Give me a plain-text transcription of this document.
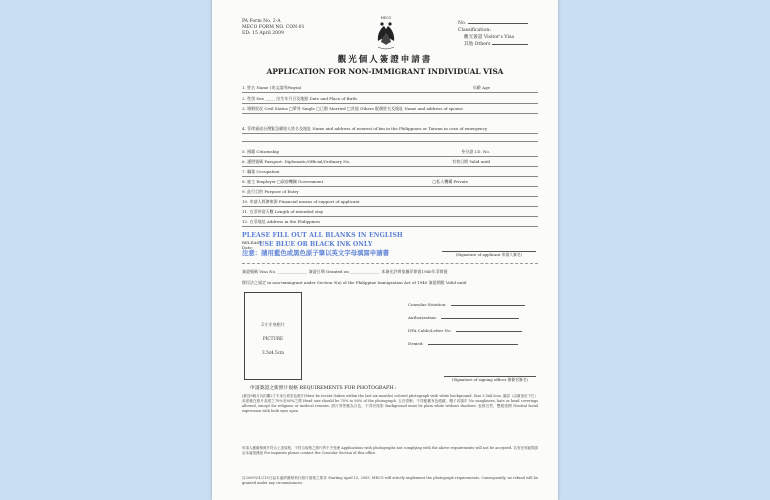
PA Form No. 2-A
MECO FORM NO. CON-01
ED: 15 April 2009
MECO
No.
Classification:
觀光簽證 Visitor's Visa
其他 Others
觀光個人簽證申請書
APPLICATION FOR NON-IMMIGRANT INDIVIDUAL VISA
1. 姓名 Name (英文請用Pinyin)	年齡 Age
2. 性別 Sex _____ 出生年月日及地點 Date and Place of Birth
3. 婚姻狀況 Civil Status □單身 Single □已婚 Married □其他 Others 配偶姓名及地址 Name and address of spouse
4. 菲律賓或台灣緊急聯絡人姓名及地址 Name and address of nearest of kin in the Philippines or Taiwan in case of emergency
5. 國籍 Citizenship	身分證 I.D. No.
6. 護照號碼 Passport: Diplomatic/Official/Ordinary No.	有效日期 Valid until
7. 職業 Occupation
8. 雇主 Employer □政府機關 Government	□私人機構 Private
9. 此行目的 Purpose of Entry
10. 申請人經濟來源 Financial means of support of applicant
11. 在菲停留天數 Length of intended stay
12. 在菲地址 Address in the Philippines
PLEASE FILL OUT ALL BLANKS IN ENGLISH
RELEASE:
Date: USE BLUE OR BLACK INK ONLY
注意：請用藍色或黑色原子筆以英文字母填寫申請書	(Signature of applicant 申請人簽名)
簽證號碼 Visa No. _______________ 簽證日期 Granted on _______________ 本簽光許辨依據菲律賓1940年菲律賓
移民法之規定 in non-immigrant under Section 9(a) of the Philippine Immigration Act of 1940 簽證期限 Valid until
2寸半身相片
PICTURE
3.5x4.5cm
Consular Notation:
Authorization:
DFA Cable/Letter No.
Denied:
(Signature of signing officer 簽簽官簽名)
申請簽證之新照片規格 REQUIREMENTS FOR PHOTOGRAPH :
(最近6個月內拍攝2寸半身白底彩色照片)Must be recent (taken within the last six months) colored photograph with white background. Size 3.5x4.5cm. 頭部（由頭頂至下巴）高度應在照片高度之70%至80%之間 Head size should be 70% to 80% of the photograph. 五官清晰，不得配戴有色眼鏡、帽子或頭巾 No sunglasses, hats or head coverings allowed, except for religious or medical reasons. 照片背景應為白色，不得有陰影 Background must be plain white without shadows. 表情自然，雙眼張開 Neutral facial expression with both eyes open.
申請人應確保照片符合上述規格，不符合規格之照片將不予受理 Applications with photographs not complying with the above requirements will not be accepted. 若有任何疑問請洽本處領務組 For inquiries please contact the Consular Section of this office.
自2009年4月15日起本處將嚴格執行照片規格之要求 Starting April 15, 2009, MECO will strictly implement the photograph requirements. Consequently, no refund will be granted under any circumstances.
